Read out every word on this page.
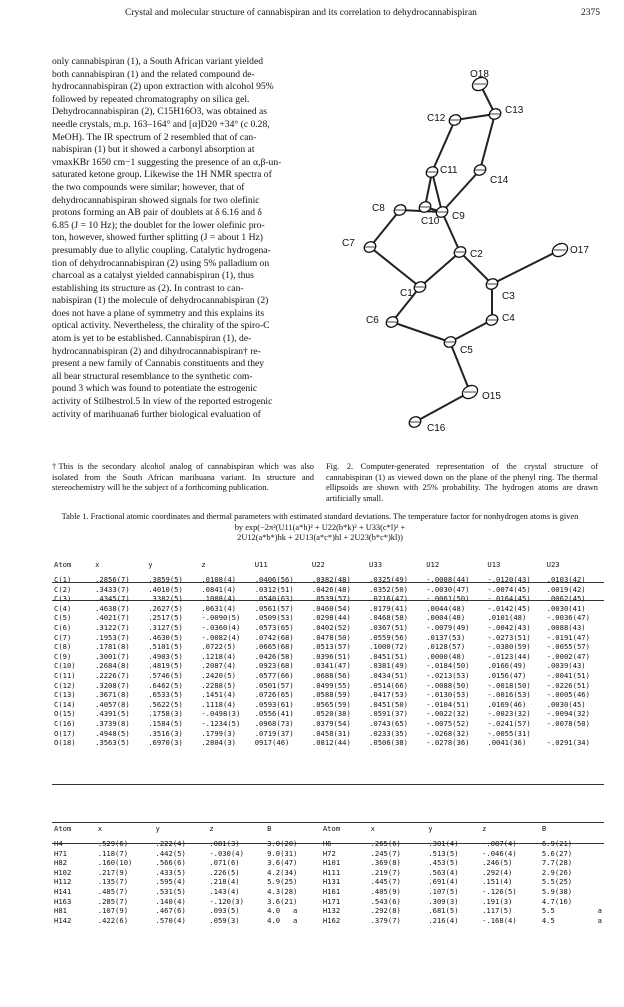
Crystal and molecular structure of cannabispiran and its correlation to dehydrocannabispiran	2375
only cannabispiran (1), a South African variant yielded
both cannabispiran (1) and the related compound de-
hydrocannabispiran (2) upon extraction with alcohol 95%
followed by repeated chromatography on silica gel.
Dehydrocannabispiran (2), C15H16O3, was obtained as
needle crystals, m.p. 163–164° and [α]D20 +34° (c 0.28,
MeOH). The IR spectrum of 2 resembled that of can-
nabispiran (1) but it showed a carbonyl absorption at
νmaxKBr 1650 cm−1 suggesting the presence of an α,β-un-
saturated ketone group. Likewise the 1H NMR spectra of
the two compounds were similar; however, that of
dehydrocannabispiran showed signals for two olefinic
protons forming an AB pair of doublets at δ 6.16 and δ
6.85 (J = 10 Hz); the doublet for the lower olefinic pro-
ton, however, showed further splitting (J = about 1 Hz)
presumably due to allylic coupling. Catalytic hydrogena-
tion of dehydrocannabispiran (2) using 5% palladium on
charcoal as a catalyst yielded cannabispiran (1), thus
establishing its structure as (2). In contrast to can-
nabispiran (1) the molecule of dehydrocannabispiran (2)
does not have a plane of symmetry and this explains its
optical activity. Nevertheless, the chirality of the spiro-C
atom is yet to be established. Cannabispiran (1), de-
hydrocannabispiran (2) and dihydrocannabispiran† re-
present a new family of Cannabis constituents and they
all bear structural resemblance to the synthetic com-
pound 3 which was found to potentiate the estrogenic
activity of Stilbestrol.5 In view of the reported estrogenic
activity of marihuana6 further biological evaluation of
O18
C13
C12
C11
C14
C8
C9
C10
O17
C7
C2
C3
C1
C4
C6
C5
O15
C16
†This is the secondary alcohol analog of cannabispiran which was also isolated from the South African marihuana variant. Its structure and stereochemistry will be the subject of a forthcoming publication.
Fig. 2. Computer-generated representation of the crystal structure of cannabispiran (1) as viewed down on the plane of the phenyl ring. The thermal ellipsoids are shown with 25% probability. The hydrogen atoms are drawn artificially small.
Table 1. Fractional atomic coordinates and thermal parameters with estimated standard deviations. The temperature factor for nonhydrogen atoms is given by exp(−2π²(U11(a*h)² + U22(b*k)² + U33(c*l)² +
2U12(a*b*)hk + 2U13(a*c*)hl + 2U23(b*c*)kl))
Atom	x	y	z	U11	U22	U33	U12	U13	U23
C(1)	.2856(7)	.3859(5)	.0108(4)	.0406(56)	.0382(48)	.0325(49)	-.0008(44)	-.0120(43)	.0103(42)
C(2)	.3433(7)	.4010(5)	.0841(4)	.0312(51)	.0426(48)	.0352(50)	-.0030(47)	-.0074(45)	.0019(42)
C(3)	.4345(7)	.3382(5)	.1088(4)	.0540(63)	.0539(57)	.0216(47)	-.0061(50)	-.0164(45)	.0062(45)
C(4)	.4638(7)	.2627(5)	.0631(4)	.0561(57)	.0460(54)	.0179(41)	.0044(48)	-.0142(45)	.0030(41)
C(5)	.4021(7)	.2517(5)	-.0090(5)	.0509(53)	.0298(44)	.0468(58)	.0004(48)	.0101(48)	-.0036(47)
C(6)	.3122(7)	.3127(5)	-.0360(4)	.0573(65)	.0402(52)	.0367(51)	-.0079(49)	-.0042(43)	.0088(43)
C(7)	.1953(7)	.4630(5)	-.0082(4)	.0742(68)	.0478(50)	.0559(56)	.0137(53)	-.0273(51)	-.0191(47)
C(8)	.1781(8)	.5101(5)	.0722(5)	.0665(68)	.0513(57)	.1000(72)	.0128(57)	-.0380(59)	-.0055(57)
C(9)	.3001(7)	.4903(5)	.1218(4)	.0426(58)	.0396(51)	.0451(51)	.0000(48)	-.0123(44)	-.0002(47)
C(10)	.2684(8)	.4819(5)	.2087(4)	.0923(68)	.0341(47)	.0381(49)	-.0184(50)	.0166(49)	.0039(43)
C(11)	.2226(7)	.5746(5)	.2420(5)	.0577(66)	.0688(56)	.0434(51)	-.0213(53)	.0156(47)	-.0041(51)
C(12)	.3208(7)	.6462(5)	.2288(5)	.0501(57)	.0499(55)	.0514(66)	-.0088(50)	-.0018(50)	-.0226(51)
C(13)	.3671(8)	.6533(5)	.1451(4)	.0726(65)	.0588(59)	.0417(53)	-.0130(53)	-.0016(53)	-.0005(46)
C(14)	.4057(8)	.5622(5)	.1118(4)	.0593(61)	.0565(59)	.0451(50)	-.0104(51)	.0169(46)	.0030(45)
O(15)	.4391(5)	.1758(3)	-.0498(3)	.0556(41)	.0520(38)	.0591(37)	-.0022(32)	-.0023(32)	-.0094(32)
C(16)	.3739(8)	.1584(5)	-.1234(5)	.0968(73)	.0379(54)	.0743(65)	-.0075(52)	-.0241(57)	-.0078(50)
O(17)	.4948(5)	.3516(3)	.1799(3)	.0719(37)	.0458(31)	.0233(35)	-.0268(32)	-.0055(31)	
O(18)	.3563(5)	.6970(3)	.2804(3)	0917(46)	.0812(44)	.0506(38)	-.0278(36)	.0041(36)	-.0291(34)
Atom	x	y	z	B	Atom	x	y	z	B	
H4	.529(6)	.222(4)	.081(3)	3.0(20)	H6	.265(6)	.301(4)	-.087(4)	6.9(21)	
H71	.118(7)	.442(5)	-.030(4)	9.0(31)	H72	.245(7)	.513(5)	-.046(4)	5.6(27)	
H82	.160(10)	.566(6)	.071(6)	3.6(47)	H101	.369(8)	.453(5)	.246(5)	7.7(28)	
H102	.217(9)	.433(5)	.226(5)	4.2(34)	H111	.219(7)	.563(4)	.292(4)	2.9(26)	
H112	.135(7)	.595(4)	.218(4)	5.9(25)	H131	.445(7)	.691(4)	.151(4)	5.5(25)	
H141	.485(7)	.531(5)	.143(4)	4.3(28)	H161	.405(9)	.107(5)	-.126(5)	5.9(38)	
H163	.285(7)	.140(4)	-.120(3)	3.6(21)	H171	.543(6)	.309(3)	.191(3)	4.7(16)	
H81	.107(9)	.467(6)	.093(5)	4.0   a	H132	.292(8)	.681(5)	.117(5)	5.5	a
H142	.422(6)	.570(4)	.059(3)	4.0   a	H162	.379(7)	.216(4)	-.168(4)	4.5	a
